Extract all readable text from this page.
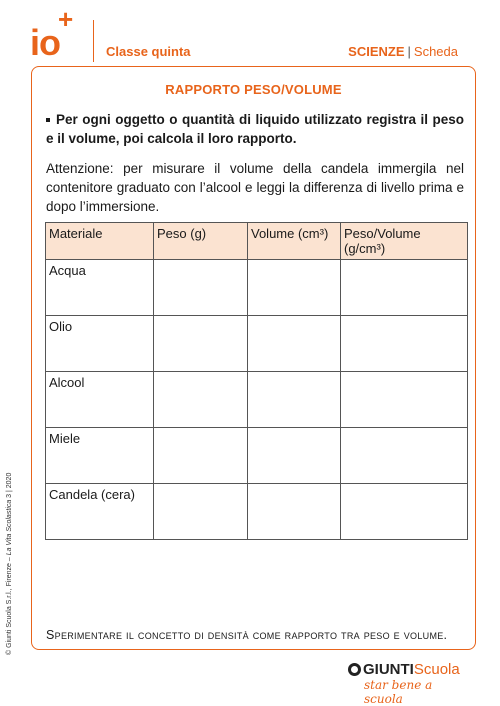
io+
Classe quinta	SCIENZE | Scheda
RAPPORTO PESO/VOLUME
Per ogni oggetto o quantità di liquido utilizzato registra il peso e il volume, poi calcola il loro rapporto.
Attenzione: per misurare il volume della candela immergila nel contenitore graduato con l’alcool e leggi la differenza di livello prima e dopo l’immersione.
Materiale	Peso (g)	Volume (cm³)	Peso/Volume (g/cm³)
Acqua			
Olio			
Alcool			
Miele			
Candela (cera)			
Sperimentare il concetto di densità come rapporto tra peso e volume.
© Giunti Scuola S.r.l., Firenze – La Vita Scolastica 3 | 2020
GIUNTIScuola
star bene a scuola
